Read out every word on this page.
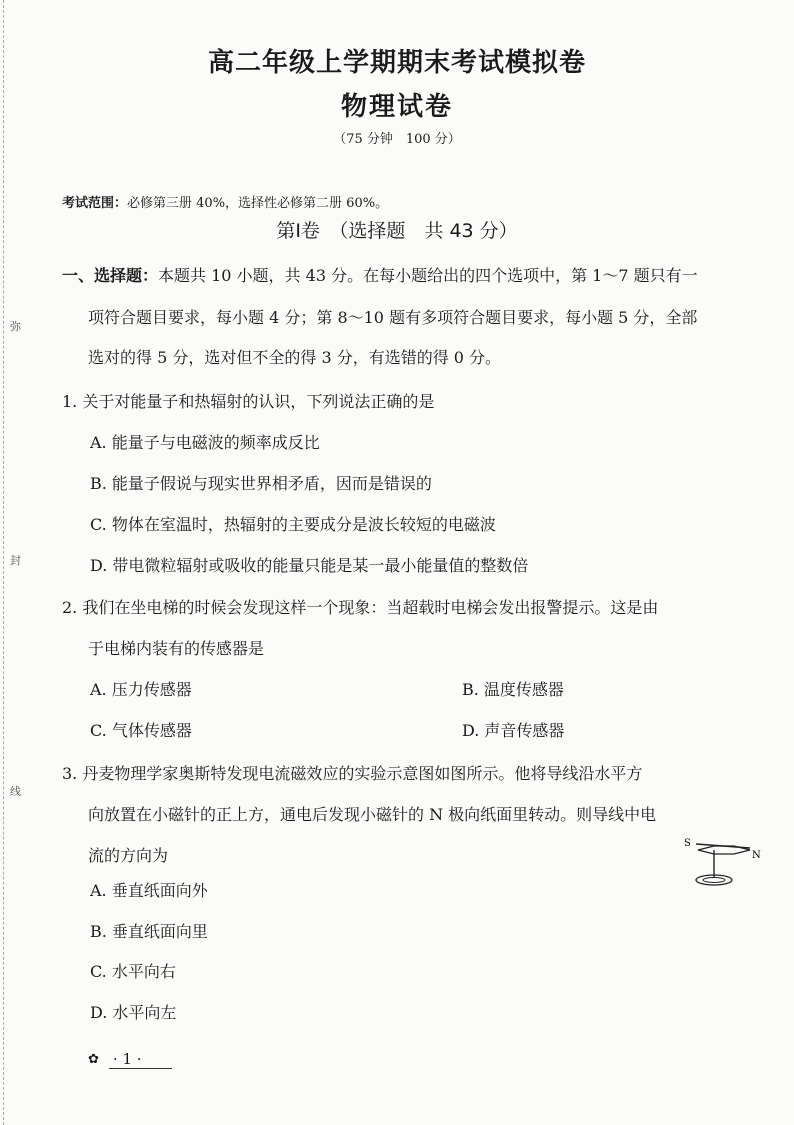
弥
封
线
高二年级上学期期末考试模拟卷
物理试卷
（75 分钟　100 分）
考试范围：必修第三册 40%，选择性必修第二册 60%。
第Ⅰ卷　（选择题　共 43 分）
一、选择题：本题共 10 小题，共 43 分。在每小题给出的四个选项中，第 1～7 题只有一
项符合题目要求，每小题 4 分；第 8～10 题有多项符合题目要求，每小题 5 分，全部
选对的得 5 分，选对但不全的得 3 分，有选错的得 0 分。
1. 关于对能量子和热辐射的认识，下列说法正确的是
A. 能量子与电磁波的频率成反比
B. 能量子假说与现实世界相矛盾，因而是错误的
C. 物体在室温时，热辐射的主要成分是波长较短的电磁波
D. 带电微粒辐射或吸收的能量只能是某一最小能量值的整数倍
2. 我们在坐电梯的时候会发现这样一个现象：当超载时电梯会发出报警提示。这是由
于电梯内装有的传感器是
A. 压力传感器	B. 温度传感器
C. 气体传感器	D. 声音传感器
3. 丹麦物理学家奥斯特发现电流磁效应的实验示意图如图所示。他将导线沿水平方
向放置在小磁针的正上方，通电后发现小磁针的 N 极向纸面里转动。则导线中电
流的方向为
A. 垂直纸面向外
B. 垂直纸面向里
C. 水平向右
D. 水平向左
S
N
✿ · 1 ·
